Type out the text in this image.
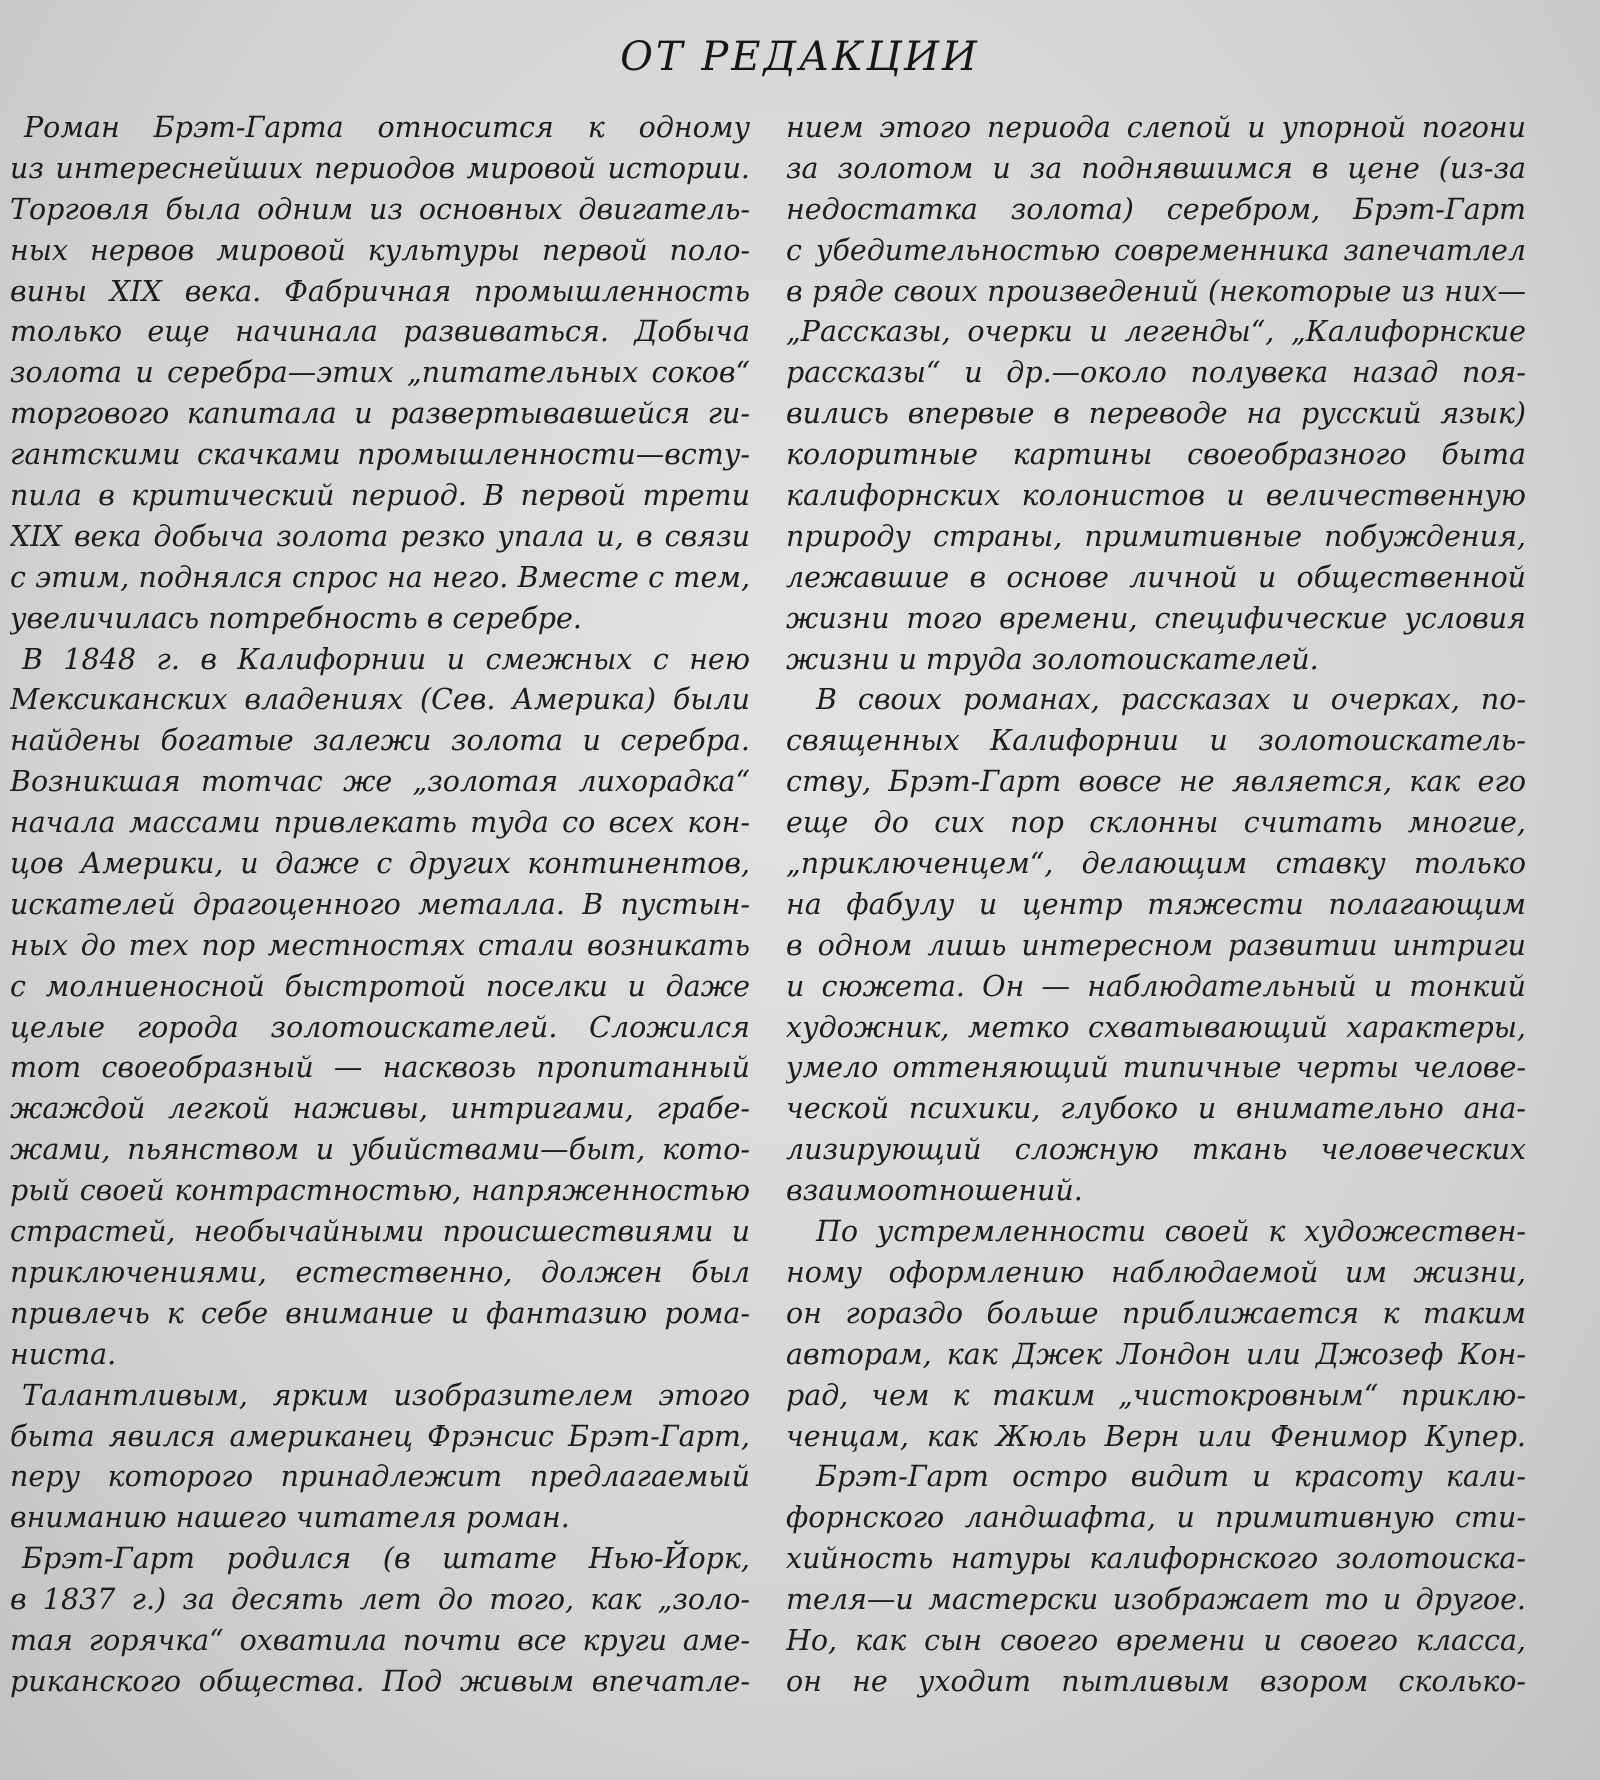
ОТ РЕДАКЦИИ
Роман Брэт-Гарта относится к одному
из интереснейших периодов мировой истории.
Торговля была одним из основных двигатель-
ных нервов мировой культуры первой поло-
вины XIX века. Фабричная промышленность
только еще начинала развиваться. Добыча
золота и серебра—этих „питательных соков“
торгового капитала и развертывавшейся ги-
гантскими скачками промышленности—всту-
пила в критический период. В первой трети
XIX века добыча золота резко упала и, в связи
с этим, поднялся спрос на него. Вместе с тем,
увеличилась потребность в серебре.
В 1848 г. в Калифорнии и смежных с нею
Мексиканских владениях (Сев. Америка) были
найдены богатые залежи золота и серебра.
Возникшая тотчас же „золотая лихорадка“
начала массами привлекать туда со всех кон-
цов Америки, и даже с других континентов,
искателей драгоценного металла. В пустын-
ных до тех пор местностях стали возникать
с молниеносной быстротой поселки и даже
целые города золотоискателей. Сложился
тот своеобразный — насквозь пропитанный
жаждой легкой наживы, интригами, грабе-
жами, пьянством и убийствами—быт, кото-
рый своей контрастностью, напряженностью
страстей, необычайными происшествиями и
приключениями, естественно, должен был
привлечь к себе внимание и фантазию рома-
ниста.
Талантливым, ярким изобразителем этого
быта явился американец Фрэнсис Брэт-Гарт,
перу которого принадлежит предлагаемый
вниманию нашего читателя роман.
Брэт-Гарт родился (в штате Нью-Йорк,
в 1837 г.) за десять лет до того, как „золо-
тая горячка“ охватила почти все круги аме-
риканского общества. Под живым впечатле-
нием этого периода слепой и упорной погони
за золотом и за поднявшимся в цене (из-за
недостатка золота) серебром, Брэт-Гарт
с убедительностью современника запечатлел
в ряде своих произведений (некоторые из них—
„Рассказы, очерки и легенды“, „Калифорнские
рассказы“ и др.—около полувека назад поя-
вились впервые в переводе на русский язык)
колоритные картины своеобразного быта
калифорнских колонистов и величественную
природу страны, примитивные побуждения,
лежавшие в основе личной и общественной
жизни того времени, специфические условия
жизни и труда золотоискателей.
В своих романах, рассказах и очерках, по-
священных Калифорнии и золотоискатель-
ству, Брэт-Гарт вовсе не является, как его
еще до сих пор склонны считать многие,
„приключенцем“, делающим ставку только
на фабулу и центр тяжести полагающим
в одном лишь интересном развитии интриги
и сюжета. Он — наблюдательный и тонкий
художник, метко схватывающий характеры,
умело оттеняющий типичные черты челове-
ческой психики, глубоко и внимательно ана-
лизирующий сложную ткань человеческих
взаимоотношений.
По устремленности своей к художествен-
ному оформлению наблюдаемой им жизни,
он гораздо больше приближается к таким
авторам, как Джек Лондон или Джозеф Кон-
рад, чем к таким „чистокровным“ приклю-
ченцам, как Жюль Верн или Фенимор Купер.
Брэт-Гарт остро видит и красоту кали-
форнского ландшафта, и примитивную сти-
хийность натуры калифорнского золотоиска-
теля—и мастерски изображает то и другое.
Но, как сын своего времени и своего класса,
он не уходит пытливым взором сколько-
